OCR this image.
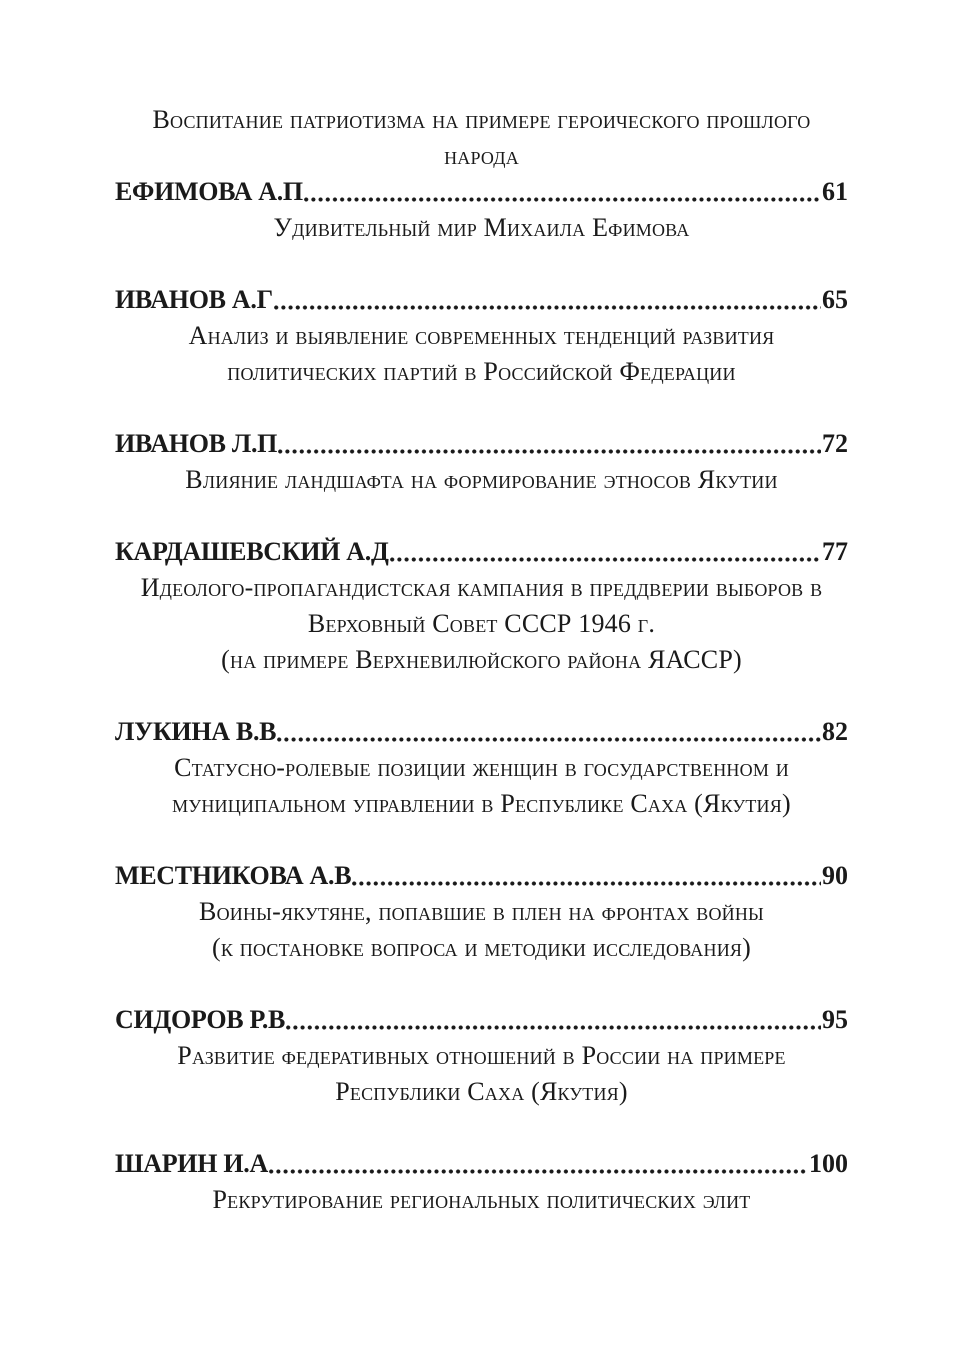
Воспитание патриотизма на примере героического прошлого
народа
ЕФИМОВА А.П	61
Удивительный мир Михаила Ефимова
ИВАНОВ А.Г	65
Анализ и выявление современных тенденций развития
политических партий в Российской Федерации
ИВАНОВ Л.П	72
Влияние ландшафта на формирование этносов Якутии
КАРДАШЕВСКИЙ А.Д	77
Идеолого-пропагандистская кампания в преддверии выборов в
Верховный Совет СССР 1946 г.
(на примере Верхневилюйского района ЯАССР)
ЛУКИНА В.В	82
Статусно-ролевые позиции женщин в государственном и
муниципальном управлении в Республике Саха (Якутия)
МЕСТНИКОВА А.В	90
Воины-якутяне, попавшие в плен на фронтах войны
(к постановке вопроса и методики исследования)
СИДОРОВ Р.В	95
Развитие федеративных отношений в России на примере
Республики Саха (Якутия)
ШАРИН И.А	100
Рекрутирование региональных политических элит
